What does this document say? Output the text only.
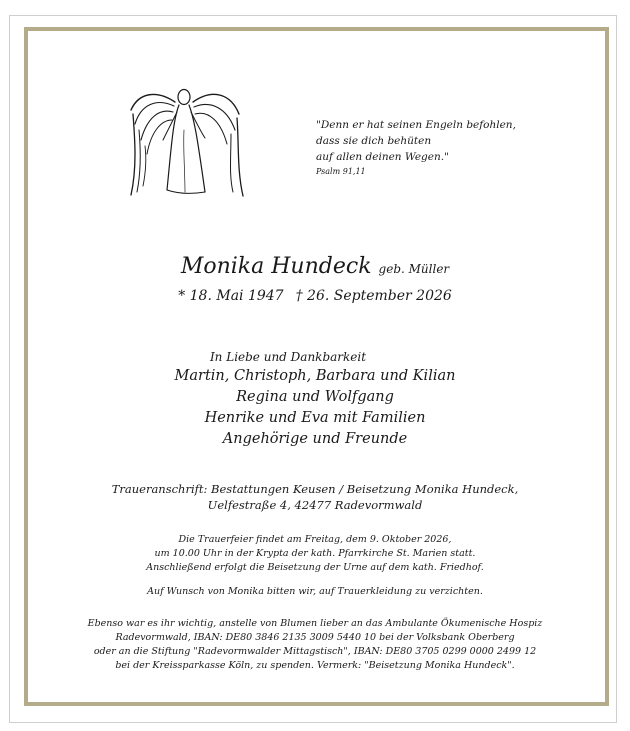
"Denn er hat seinen Engeln befohlen,
dass sie dich behüten
auf allen deinen Wegen."
Psalm 91,11
Monika Hundeck geb. Müller
* 18. Mai 1947 † 26. September 2026
In Liebe und Dankbarkeit
Martin, Christoph, Barbara und Kilian
Regina und Wolfgang
Henrike und Eva mit Familien
Angehörige und Freunde
Traueranschrift: Bestattungen Keusen / Beisetzung Monika Hundeck,
Uelfestraße 4, 42477 Radevormwald
Die Trauerfeier findet am Freitag, dem 9. Oktober 2026,
um 10.00 Uhr in der Krypta der kath. Pfarrkirche St. Marien statt.
Anschließend erfolgt die Beisetzung der Urne auf dem kath. Friedhof.
Auf Wunsch von Monika bitten wir, auf Trauerkleidung zu verzichten.
Ebenso war es ihr wichtig, anstelle von Blumen lieber an das Ambulante Ökumenische Hospiz
Radevormwald, IBAN: DE80 3846 2135 3009 5440 10 bei der Volksbank Oberberg
oder an die Stiftung "Radevormwalder Mittagstisch", IBAN: DE80 3705 0299 0000 2499 12
bei der Kreissparkasse Köln, zu spenden. Vermerk: "Beisetzung Monika Hundeck".
